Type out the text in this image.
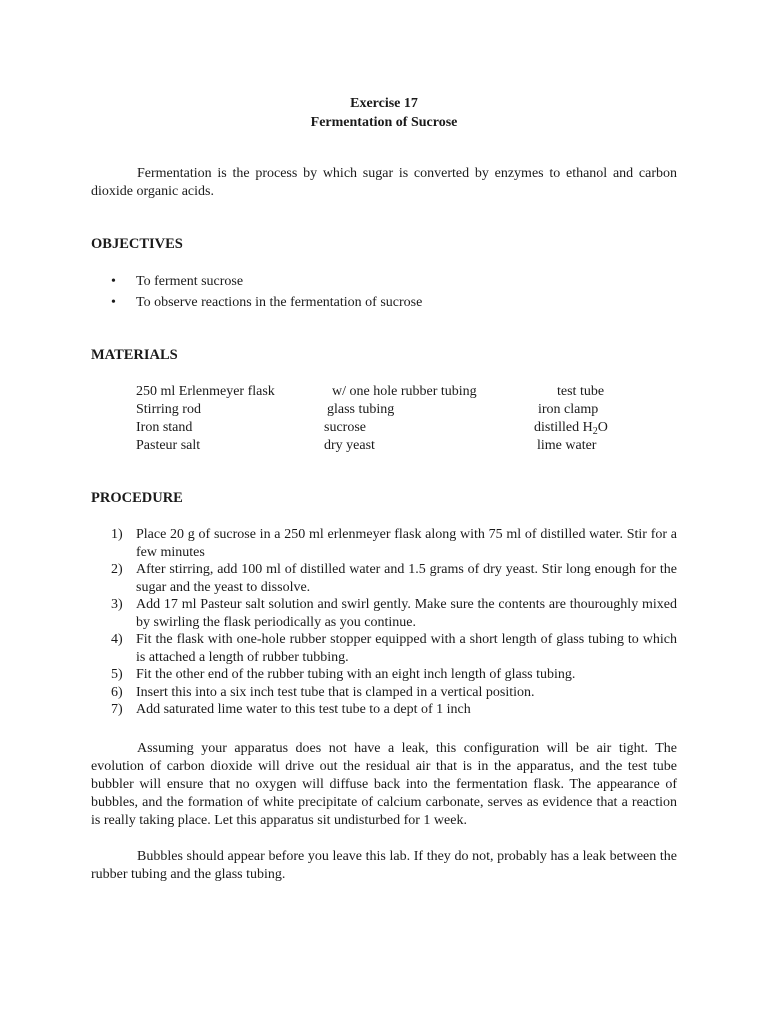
Exercise 17
Fermentation of Sucrose
Fermentation is the process by which sugar is converted by enzymes to ethanol and carbon dioxide organic acids.
OBJECTIVES
• To ferment sucrose
• To observe reactions in the fermentation of sucrose
MATERIALS
250 ml Erlenmeyer flask	w/ one hole rubber tubing	test tube
Stirring rod	glass tubing	iron clamp
Iron stand	sucrose	distilled $H_2O$
Pasteur salt	dry yeast	lime water
PROCEDURE
1) Place 20 g of sucrose in a 250 ml erlenmeyer flask along with 75 ml of distilled water. Stir for a few minutes
2) After stirring, add 100 ml of distilled water and 1.5 grams of dry yeast. Stir long enough for the sugar and the yeast to dissolve.
3) Add 17 ml Pasteur salt solution and swirl gently. Make sure the contents are thouroughly mixed by swirling the flask periodically as you continue.
4) Fit the flask with one-hole rubber stopper equipped with a short length of glass tubing to which is attached a length of rubber tubbing.
5) Fit the other end of the rubber tubing with an eight inch length of glass tubing.
6) Insert this into a six inch test tube that is clamped in a vertical position.
7) Add saturated lime water to this test tube to a dept of 1 inch
Assuming your apparatus does not have a leak, this configuration will be air tight. The evolution of carbon dioxide will drive out the residual air that is in the apparatus, and the test tube bubbler will ensure that no oxygen will diffuse back into the fermentation flask. The appearance of bubbles, and the formation of white precipitate of calcium carbonate, serves as evidence that a reaction is really taking place. Let this apparatus sit undisturbed for 1 week.
Bubbles should appear before you leave this lab. If they do not, probably has a leak between the rubber tubing and the glass tubing.
